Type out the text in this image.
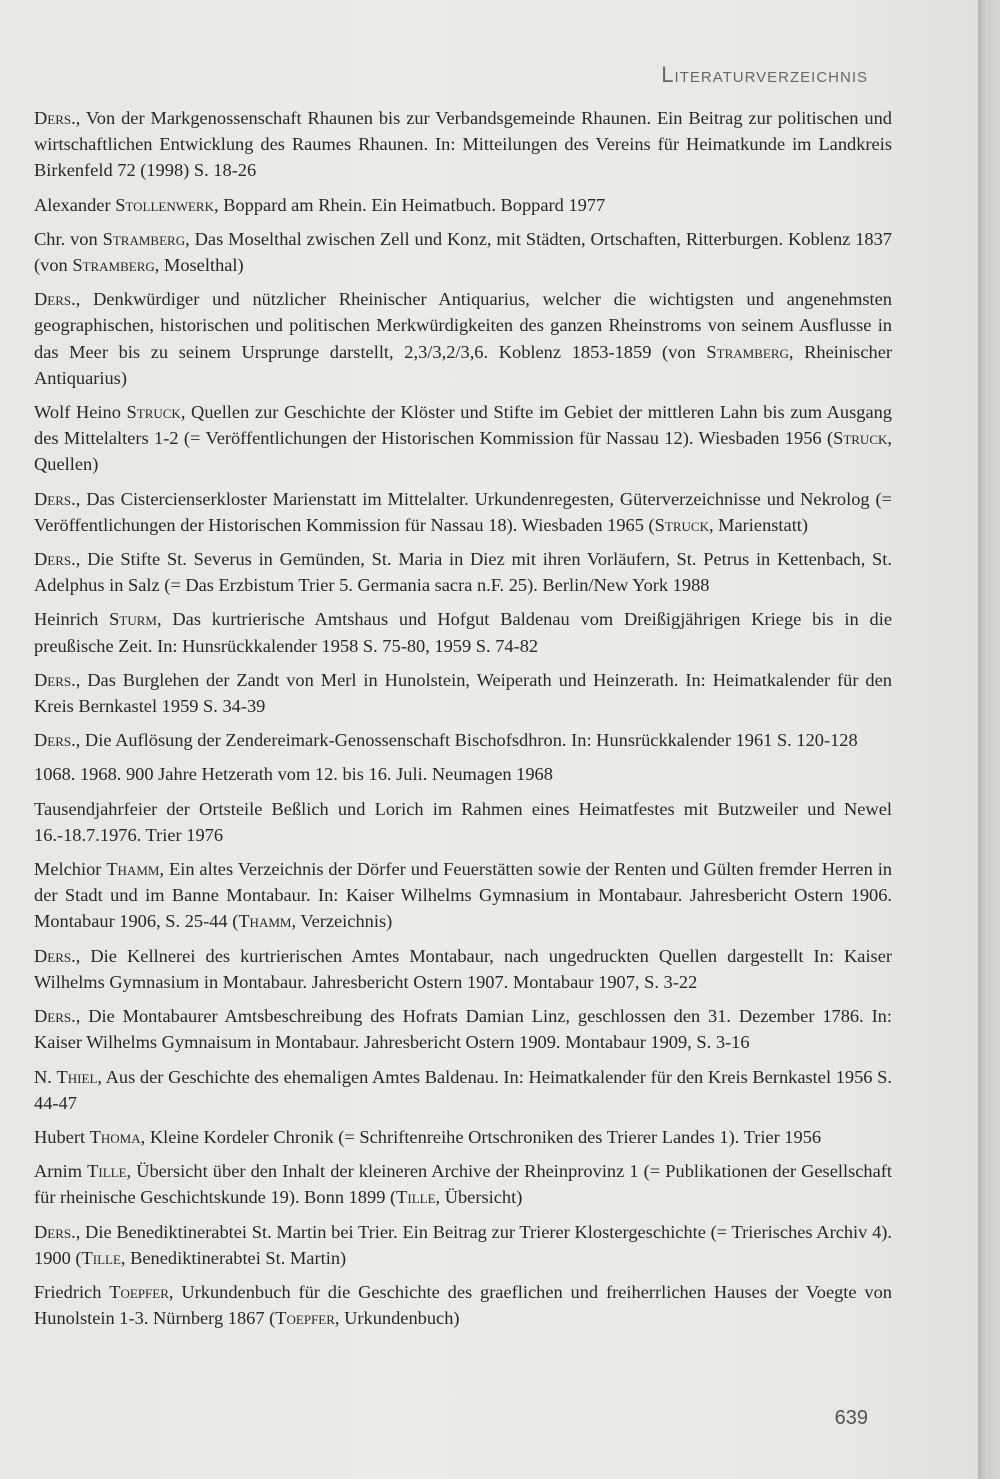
Literaturverzeichnis

Ders., Von der Markgenossenschaft Rhaunen bis zur Verbandsgemeinde Rhaunen. Ein Beitrag zur politischen und wirtschaftlichen Entwicklung des Raumes Rhaunen. In: Mitteilungen des Vereins für Heimatkunde im Landkreis Birkenfeld 72 (1998) S. 18-26

Alexander Stollenwerk, Boppard am Rhein. Ein Heimatbuch. Boppard 1977

Chr. von Stramberg, Das Moselthal zwischen Zell und Konz, mit Städten, Ortschaften, Ritterburgen. Koblenz 1837 (von Stramberg, Moselthal)

Ders., Denkwürdiger und nützlicher Rheinischer Antiquarius, welcher die wichtigsten und angenehmsten geographischen, historischen und politischen Merkwürdigkeiten des ganzen Rheinstroms von seinem Ausflusse in das Meer bis zu seinem Ursprunge darstellt, 2,3/3,2/3,6. Koblenz 1853-1859 (von Stramberg, Rheinischer Antiquarius)

Wolf Heino Struck, Quellen zur Geschichte der Klöster und Stifte im Gebiet der mittleren Lahn bis zum Ausgang des Mittelalters 1-2 (= Veröffentlichungen der Historischen Kommission für Nassau 12). Wiesbaden 1956 (Struck, Quellen)

Ders., Das Cistercienserkloster Marienstatt im Mittelalter. Urkundenregesten, Güterverzeichnisse und Nekrolog (= Veröffentlichungen der Historischen Kommission für Nassau 18). Wiesbaden 1965 (Struck, Marienstatt)

Ders., Die Stifte St. Severus in Gemünden, St. Maria in Diez mit ihren Vorläufern, St. Petrus in Kettenbach, St. Adelphus in Salz (= Das Erzbistum Trier 5. Germania sacra n.F. 25). Berlin/New York 1988

Heinrich Sturm, Das kurtrierische Amtshaus und Hofgut Baldenau vom Dreißigjährigen Kriege bis in die preußische Zeit. In: Hunsrückkalender 1958 S. 75-80, 1959 S. 74-82

Ders., Das Burglehen der Zandt von Merl in Hunolstein, Weiperath und Heinzerath. In: Heimatkalender für den Kreis Bernkastel 1959 S. 34-39

Ders., Die Auflösung der Zendereimark-Genossenschaft Bischofsdhron. In: Hunsrückkalender 1961 S. 120-128

1068. 1968. 900 Jahre Hetzerath vom 12. bis 16. Juli. Neumagen 1968

Tausendjahrfeier der Ortsteile Beßlich und Lorich im Rahmen eines Heimatfestes mit Butzweiler und Newel 16.-18.7.1976. Trier 1976

Melchior Thamm, Ein altes Verzeichnis der Dörfer und Feuerstätten sowie der Renten und Gülten fremder Herren in der Stadt und im Banne Montabaur. In: Kaiser Wilhelms Gymnasium in Montabaur. Jahresbericht Ostern 1906. Montabaur 1906, S. 25-44 (Thamm, Verzeichnis)

Ders., Die Kellnerei des kurtrierischen Amtes Montabaur, nach ungedruckten Quellen dargestellt In: Kaiser Wilhelms Gymnasium in Montabaur. Jahresbericht Ostern 1907. Montabaur 1907, S. 3-22

Ders., Die Montabaurer Amtsbeschreibung des Hofrats Damian Linz, geschlossen den 31. Dezember 1786. In: Kaiser Wilhelms Gymnaisum in Montabaur. Jahresbericht Ostern 1909. Montabaur 1909, S. 3-16

N. Thiel, Aus der Geschichte des ehemaligen Amtes Baldenau. In: Heimatkalender für den Kreis Bernkastel 1956 S. 44-47

Hubert Thoma, Kleine Kordeler Chronik (= Schriftenreihe Ortschroniken des Trierer Landes 1). Trier 1956

Arnim Tille, Übersicht über den Inhalt der kleineren Archive der Rheinprovinz 1 (= Publikationen der Gesellschaft für rheinische Geschichtskunde 19). Bonn 1899 (Tille, Übersicht)

Ders., Die Benediktinerabtei St. Martin bei Trier. Ein Beitrag zur Trierer Klostergeschichte (= Trierisches Archiv 4). 1900 (Tille, Benediktinerabtei St. Martin)

Friedrich Toepfer, Urkundenbuch für die Geschichte des graeflichen und freiherrlichen Hauses der Voegte von Hunolstein 1-3. Nürnberg 1867 (Toepfer, Urkundenbuch)

639
